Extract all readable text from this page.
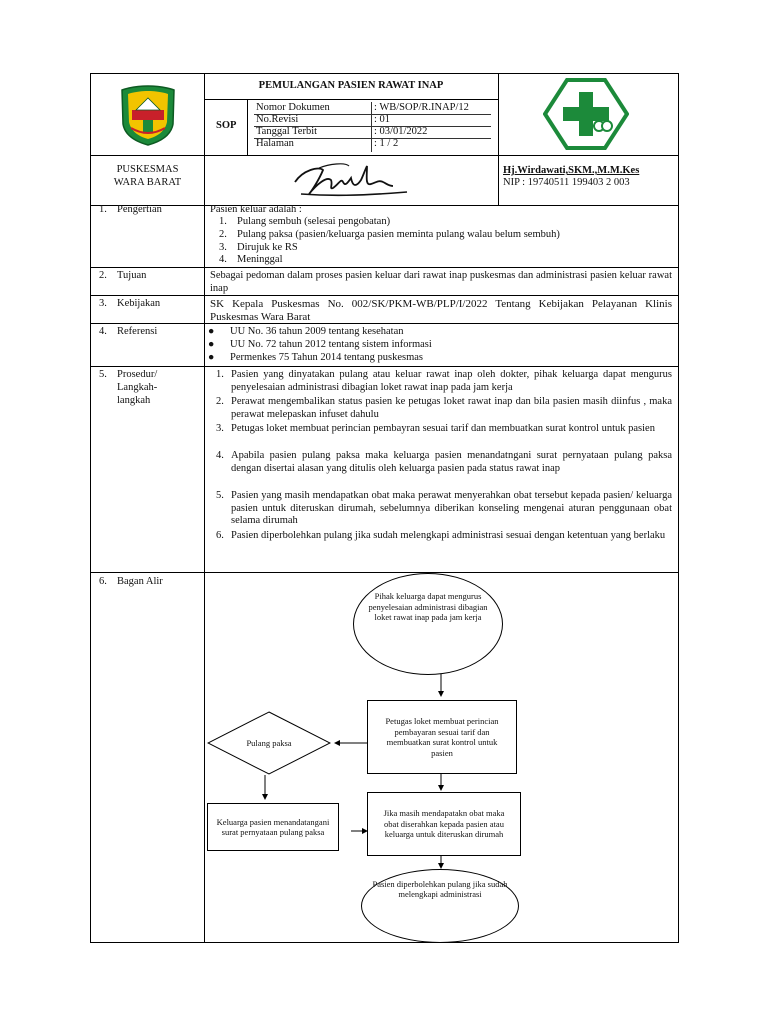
PEMULANGAN PASIEN RAWAT INAP
SOP
Nomor Dokumen	: WB/SOP/R.INAP/12
No.Revisi	: 01
Tanggal Terbit	: 03/01/2022
Halaman	: 1 / 2
PUSKESMAS
WARA BARAT
Hj.Wirdawati,SKM.,M.M.Kes
NIP : 19740511 199403 2 003
1. Pengertian	Pasien keluar adalah :
1. Pulang sembuh (selesai pengobatan)
2. Pulang paksa (pasien/keluarga pasien meminta pulang walau belum sembuh)
3. Dirujuk ke RS
4. Meninggal
2. Tujuan	Sebagai pedoman dalam proses pasien keluar dari rawat inap puskesmas dan administrasi pasien keluar rawat inap
3. Kebijakan	SK Kepala Puskesmas No. 002/SK/PKM-WB/PLP/I/2022 Tentang Kebijakan Pelayanan Klinis Puskesmas Wara Barat
4. Referensi	● UU No. 36 tahun 2009 tentang kesehatan
● UU No. 72 tahun 2012 tentang sistem informasi
● Permenkes 75 Tahun 2014 tentang puskesmas
5. Prosedur/
Langkah-
langkah
1. Pasien yang dinyatakan pulang atau keluar rawat inap oleh dokter, pihak keluarga dapat mengurus penyelesaian administrasi dibagian loket rawat inap pada jam kerja
2. Perawat mengembalikan status pasien ke petugas loket rawat inap dan bila pasien masih diinfus , maka perawat melepaskan infuset dahulu
3. Petugas loket membuat perincian pembayran sesuai tarif dan membuatkan surat kontrol untuk pasien
4. Apabila pasien pulang paksa maka keluarga pasien menandatngani surat pernyataan pulang paksa dengan disertai alasan yang ditulis oleh keluarga pasien pada status rawat inap
5. Pasien yang masih mendapatkan obat maka perawat menyerahkan obat tersebut kepada pasien/ keluarga pasien untuk diteruskan dirumah, sebelumnya diberikan konseling mengenai aturan penggunaan obat selama dirumah
6. Pasien diperbolehkan pulang jika sudah melengkapi administrasi sesuai dengan ketentuan yang berlaku
6. Bagan Alir
Pihak keluarga dapat mengurus penyelesaian administrasi dibagian loket rawat inap pada jam kerja
Petugas loket membuat perincian pembayaran sesuai tarif dan membuatkan surat kontrol untuk pasien
Pulang paksa
Keluarga pasien menandatangani surat pernyataan pulang paksa
Jika masih mendapatakn obat maka obat diserahkan kepada pasien atau keluarga untuk diteruskan dirumah
Pasien diperbolehkan pulang jika sudah melengkapi administrasi
